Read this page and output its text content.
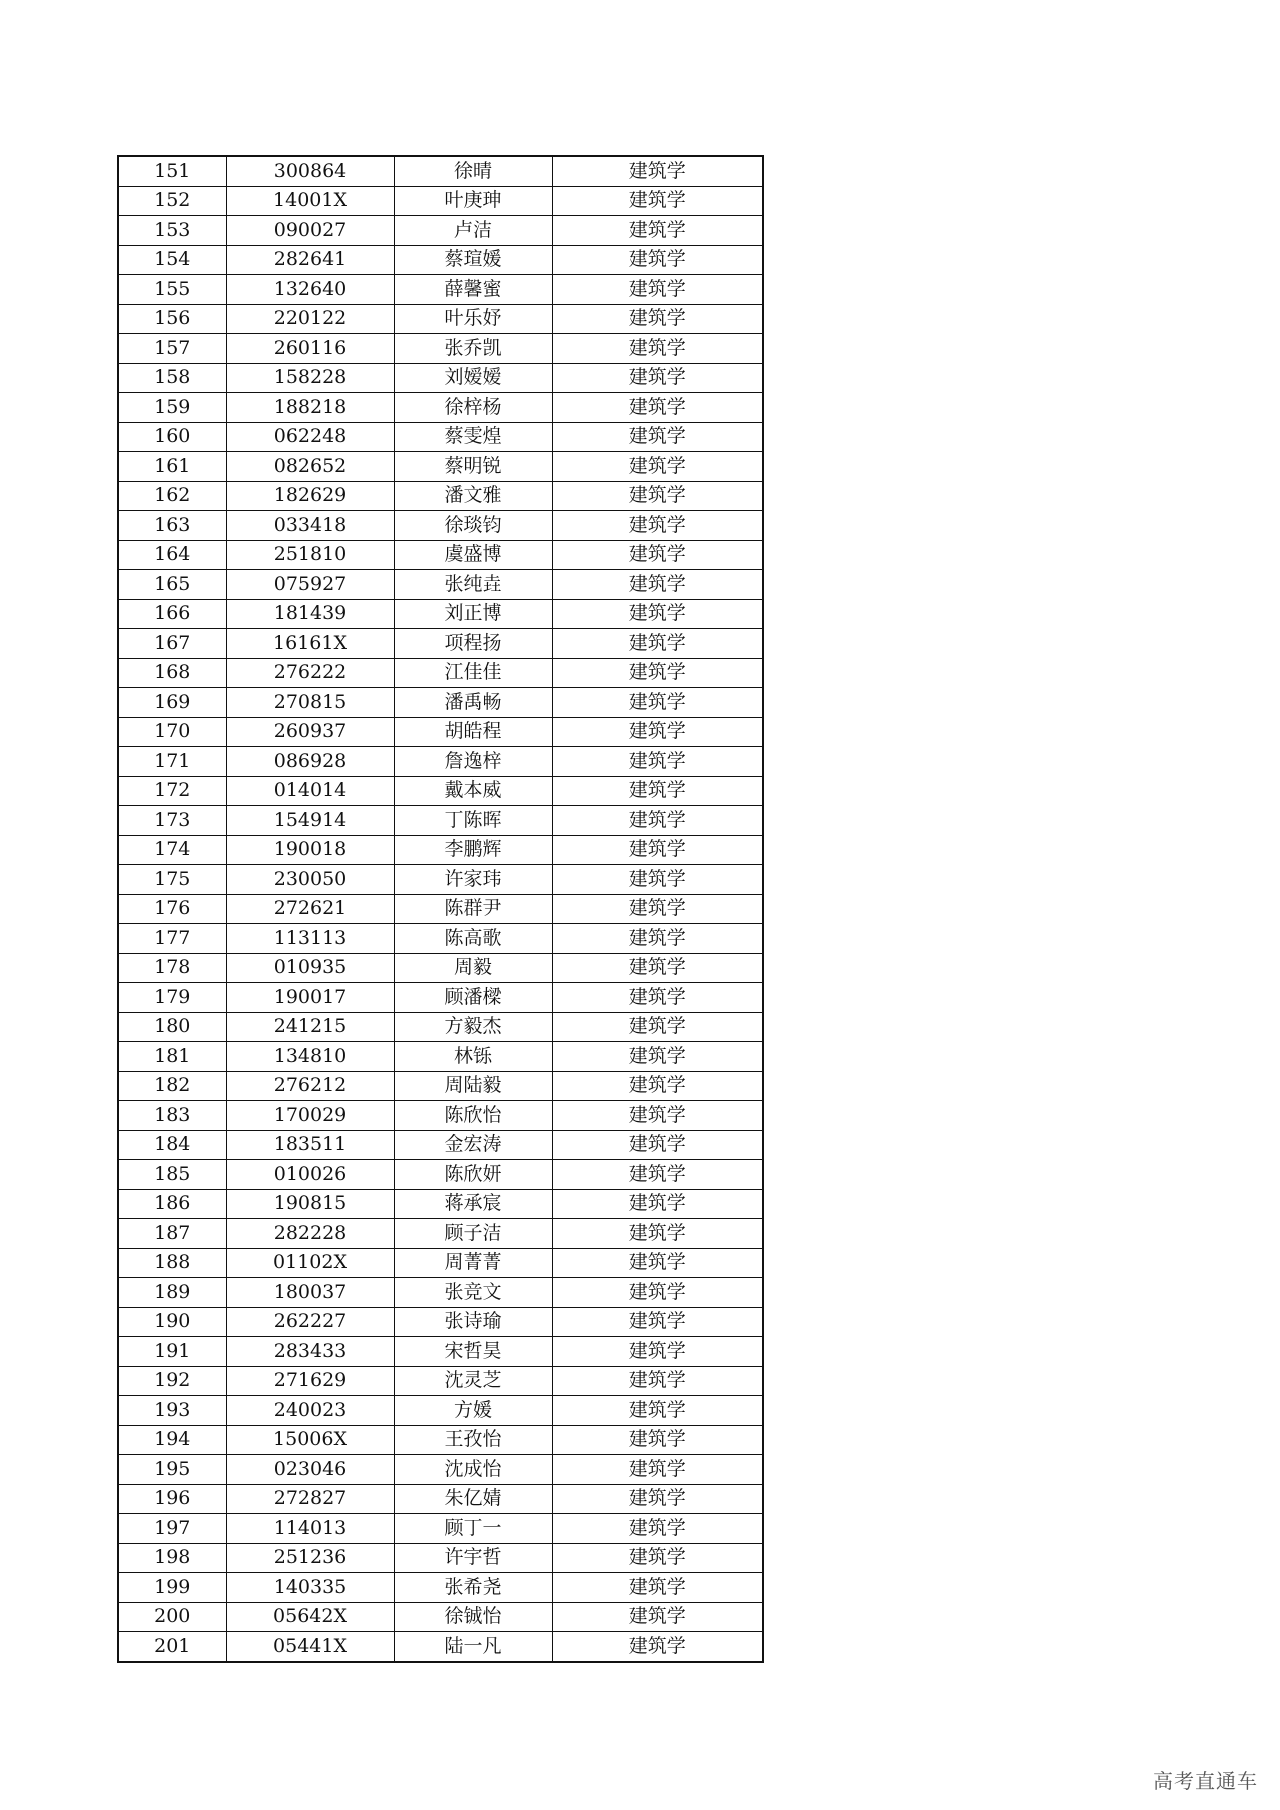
151	300864	徐晴	建筑学
152	14001X	叶庚珅	建筑学
153	090027	卢洁	建筑学
154	282641	蔡瑄媛	建筑学
155	132640	薛馨蜜	建筑学
156	220122	叶乐妤	建筑学
157	260116	张乔凯	建筑学
158	158228	刘嫒嫒	建筑学
159	188218	徐梓杨	建筑学
160	062248	蔡雯煌	建筑学
161	082652	蔡明锐	建筑学
162	182629	潘文雅	建筑学
163	033418	徐琰钧	建筑学
164	251810	虞盛博	建筑学
165	075927	张纯垚	建筑学
166	181439	刘正博	建筑学
167	16161X	项程扬	建筑学
168	276222	江佳佳	建筑学
169	270815	潘禹畅	建筑学
170	260937	胡皓程	建筑学
171	086928	詹逸梓	建筑学
172	014014	戴本威	建筑学
173	154914	丁陈晖	建筑学
174	190018	李鹏辉	建筑学
175	230050	许家玮	建筑学
176	272621	陈群尹	建筑学
177	113113	陈高歌	建筑学
178	010935	周毅	建筑学
179	190017	顾潘樑	建筑学
180	241215	方毅杰	建筑学
181	134810	林铄	建筑学
182	276212	周陆毅	建筑学
183	170029	陈欣怡	建筑学
184	183511	金宏涛	建筑学
185	010026	陈欣妍	建筑学
186	190815	蒋承宸	建筑学
187	282228	顾子洁	建筑学
188	01102X	周菁菁	建筑学
189	180037	张竞文	建筑学
190	262227	张诗瑜	建筑学
191	283433	宋哲昊	建筑学
192	271629	沈灵芝	建筑学
193	240023	方媛	建筑学
194	15006X	王孜怡	建筑学
195	023046	沈成怡	建筑学
196	272827	朱亿婧	建筑学
197	114013	顾丁一	建筑学
198	251236	许宇哲	建筑学
199	140335	张希尧	建筑学
200	05642X	徐铖怡	建筑学
201	05441X	陆一凡	建筑学
高考直通车
